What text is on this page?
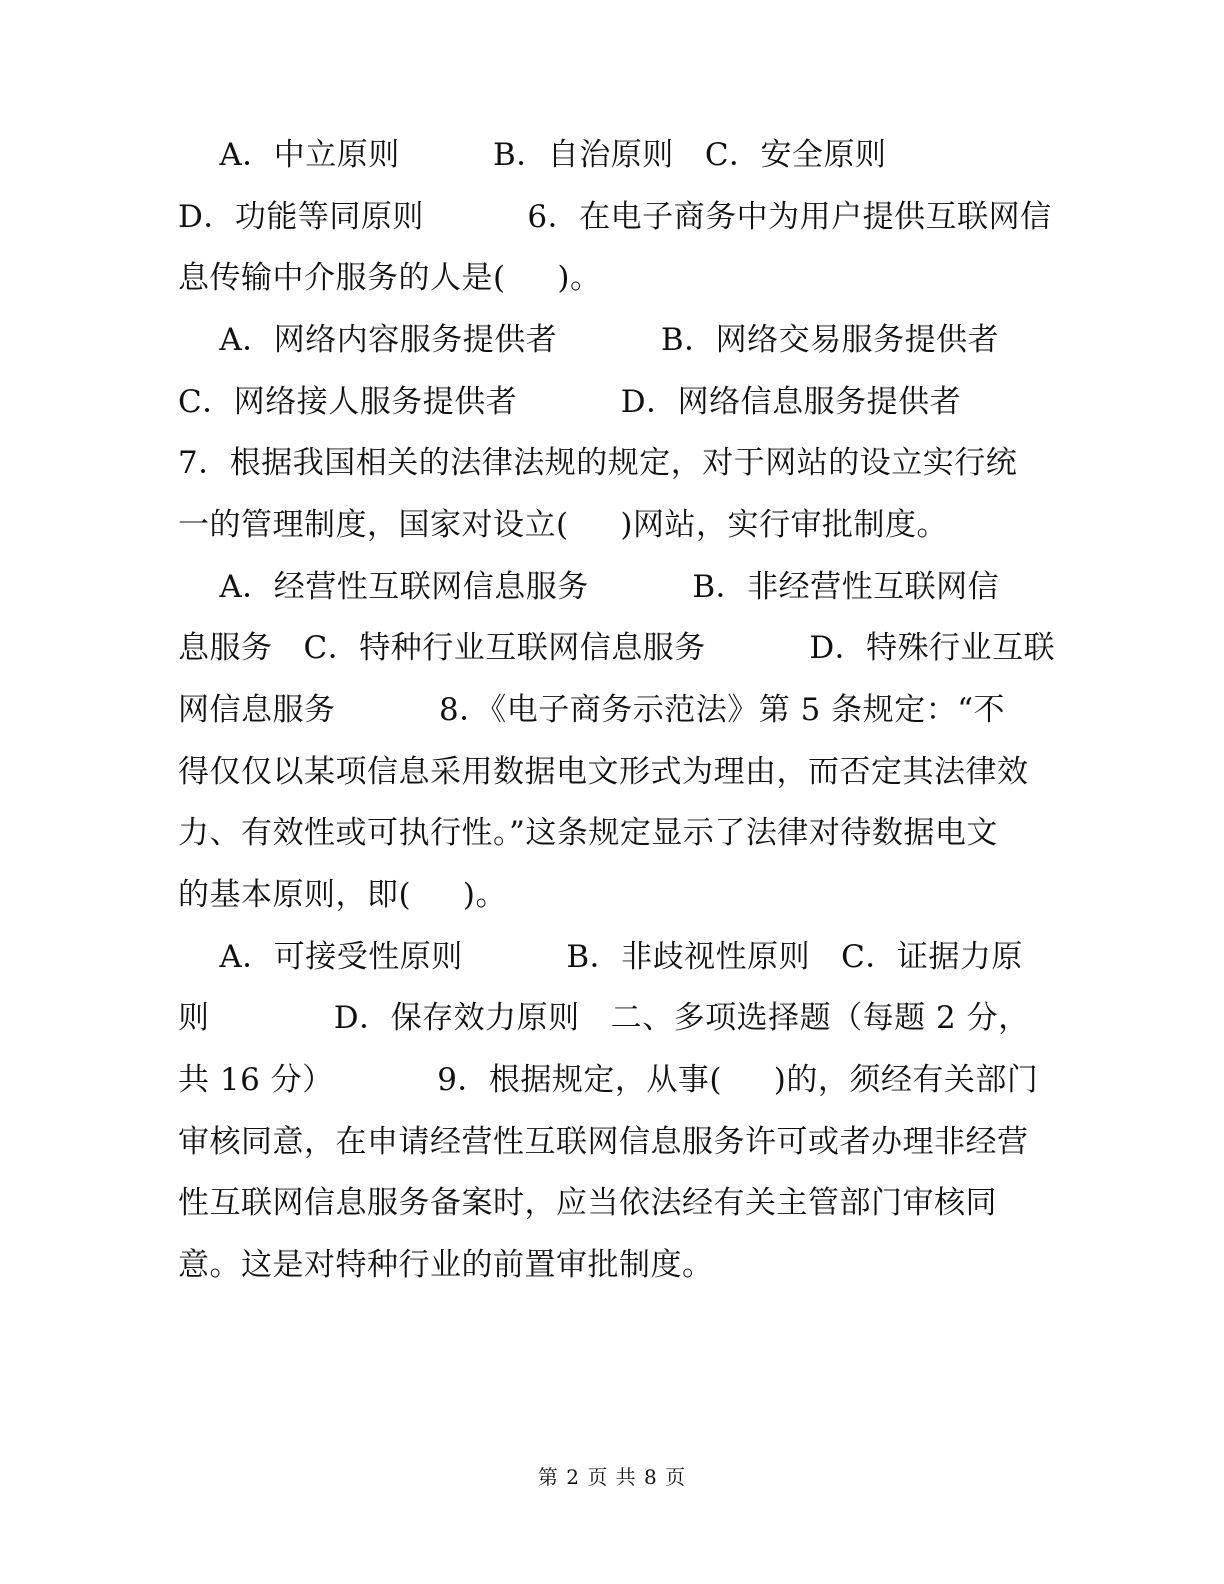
A．中立原则         B．自治原则   C．安全原则
D．功能等同原则          6．在电子商务中为用户提供互联网信
息传输中介服务的人是(     )。
A．网络内容服务提供者          B．网络交易服务提供者
C．网络接人服务提供者          D．网络信息服务提供者
7．根据我国相关的法律法规的规定，对于网站的设立实行统
一的管理制度，国家对设立(     )网站，实行审批制度。
A．经营性互联网信息服务          B．非经营性互联网信
息服务   C．特种行业互联网信息服务          D．特殊行业互联
网信息服务          8．《电子商务示范法》第 5 条规定：“不
得仅仅以某项信息采用数据电文形式为理由，而否定其法律效
力、有效性或可执行性。”这条规定显示了法律对待数据电文
的基本原则，即(     )。
A．可接受性原则          B．非歧视性原则   C．证据力原
则            D．保存效力原则   二、多项选择题（每题 2 分，
共 16 分）          9．根据规定，从事(     )的，须经有关部门
审核同意，在申请经营性互联网信息服务许可或者办理非经营
性互联网信息服务备案时，应当依法经有关主管部门审核同
意。这是对特种行业的前置审批制度。
第 2 页 共 8 页
